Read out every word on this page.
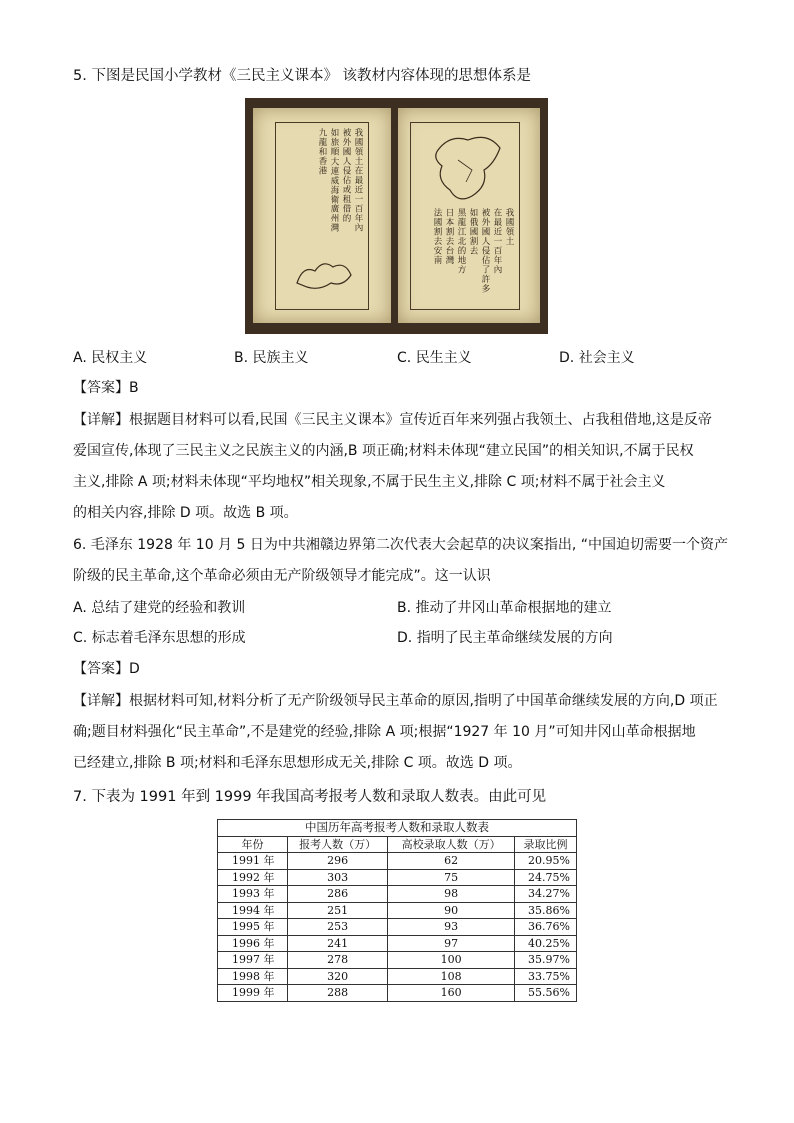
5. 下图是民国小学教材《三民主义课本》 该教材内容体现的思想体系是
我國領土在最近一百年內被外國人侵佔或租借的如旅順大連威海衛廣州灣九龍和香港
我國領土在最近一百年內被外國人侵佔了許多如俄國割去黑龍江北的地方日本割去台灣法國割去安南
A. 民权主义	B. 民族主义	C. 民生主义	D. 社会主义
【答案】B

【详解】根据题目材料可以看,民国《三民主义课本》宣传近百年来列强占我领土、占我租借地,这是反帝

爱国宣传,体现了三民主义之民族主义的内涵,B 项正确;材料未体现“建立民国”的相关知识,不属于民权

主义,排除 A 项;材料未体现“平均地权”相关现象,不属于民生主义,排除 C 项;材料不属于社会主义

的相关内容,排除 D 项。故选 B 项。

6. 毛泽东 1928 年 10 月 5 日为中共湘赣边界第二次代表大会起草的决议案指出, “中国迫切需要一个资产

阶级的民主革命,这个革命必须由无产阶级领导才能完成”。这一认识

A. 总结了建党的经验和教训	B. 推动了井冈山革命根据地的建立
C. 标志着毛泽东思想的形成	D. 指明了民主革命继续发展的方向
【答案】D

【详解】根据材料可知,材料分析了无产阶级领导民主革命的原因,指明了中国革命继续发展的方向,D 项正

确;题目材料强化“民主革命”,不是建党的经验,排除 A 项;根据“1927 年 10 月”可知井冈山革命根据地

已经建立,排除 B 项;材料和毛泽东思想形成无关,排除 C 项。故选 D 项。

7. 下表为 1991 年到 1999 年我国高考报考人数和录取人数表。由此可见
中国历年高考报考人数和录取人数表			
年份	报考人数（万）	高校录取人数（万）	录取比例
1991 年	296	62	20.95%
1992 年	303	75	24.75%
1993 年	286	98	34.27%
1994 年	251	90	35.86%
1995 年	253	93	36.76%
1996 年	241	97	40.25%
1997 年	278	100	35.97%
1998 年	320	108	33.75%
1999 年	288	160	55.56%
